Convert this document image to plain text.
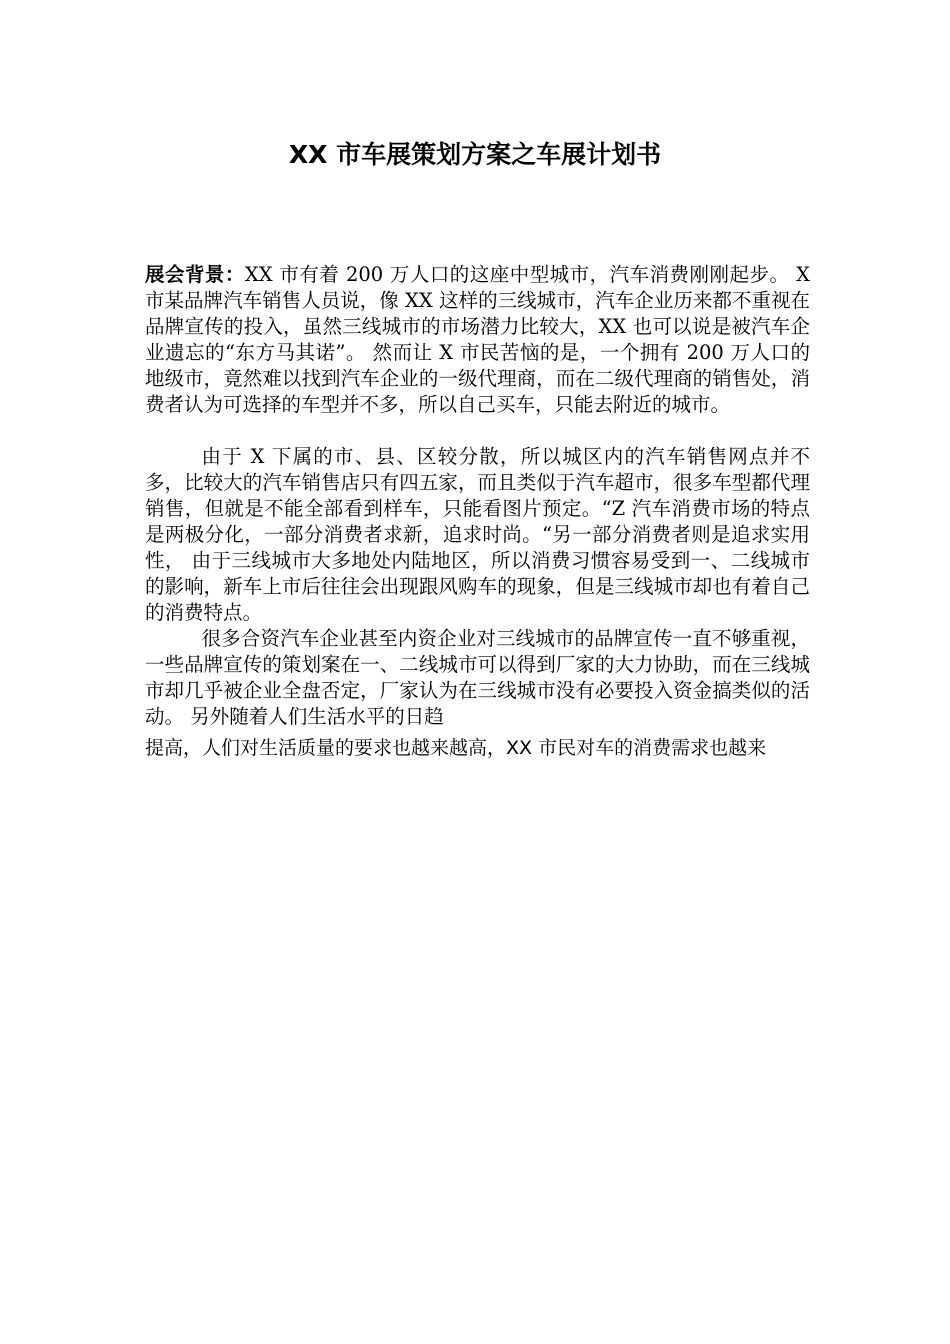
XX 市车展策划方案之车展计划书

展会背景：XX 市有着 200 万人口的这座中型城市，汽车消费刚刚起步。 X 市某品牌汽车销售人员说，像 XX 这样的三线城市，汽车企业历来都不重视在品牌宣传的投入，虽然三线城市的市场潜力比较大，XX 也可以说是被汽车企业遗忘的“东方马其诺”。 然而让 X 市民苦恼的是，一个拥有 200 万人口的地级市，竟然难以找到汽车企业的一级代理商，而在二级代理商的销售处，消费者认为可选择的车型并不多，所以自己买车，只能去附近的城市。

由于 X 下属的市、县、区较分散，所以城区内的汽车销售网点并不多，比较大的汽车销售店只有四五家，而且类似于汽车超市，很多车型都代理销售，但就是不能全部看到样车，只能看图片预定。“Z 汽车消费市场的特点是两极分化，一部分消费者求新，追求时尚。“另一部分消费者则是追求实用性， 由于三线城市大多地处内陆地区，所以消费习惯容易受到一、二线城市的影响，新车上市后往往会出现跟风购车的现象，但是三线城市却也有着自己的消费特点。

很多合资汽车企业甚至内资企业对三线城市的品牌宣传一直不够重视，一些品牌宣传的策划案在一、二线城市可以得到厂家的大力协助，而在三线城市却几乎被企业全盘否定，厂家认为在三线城市没有必要投入资金搞类似的活动。 另外随着人们生活水平的日趋

提高，人们对生活质量的要求也越来越高，XX 市民对车的消费需求也越来
